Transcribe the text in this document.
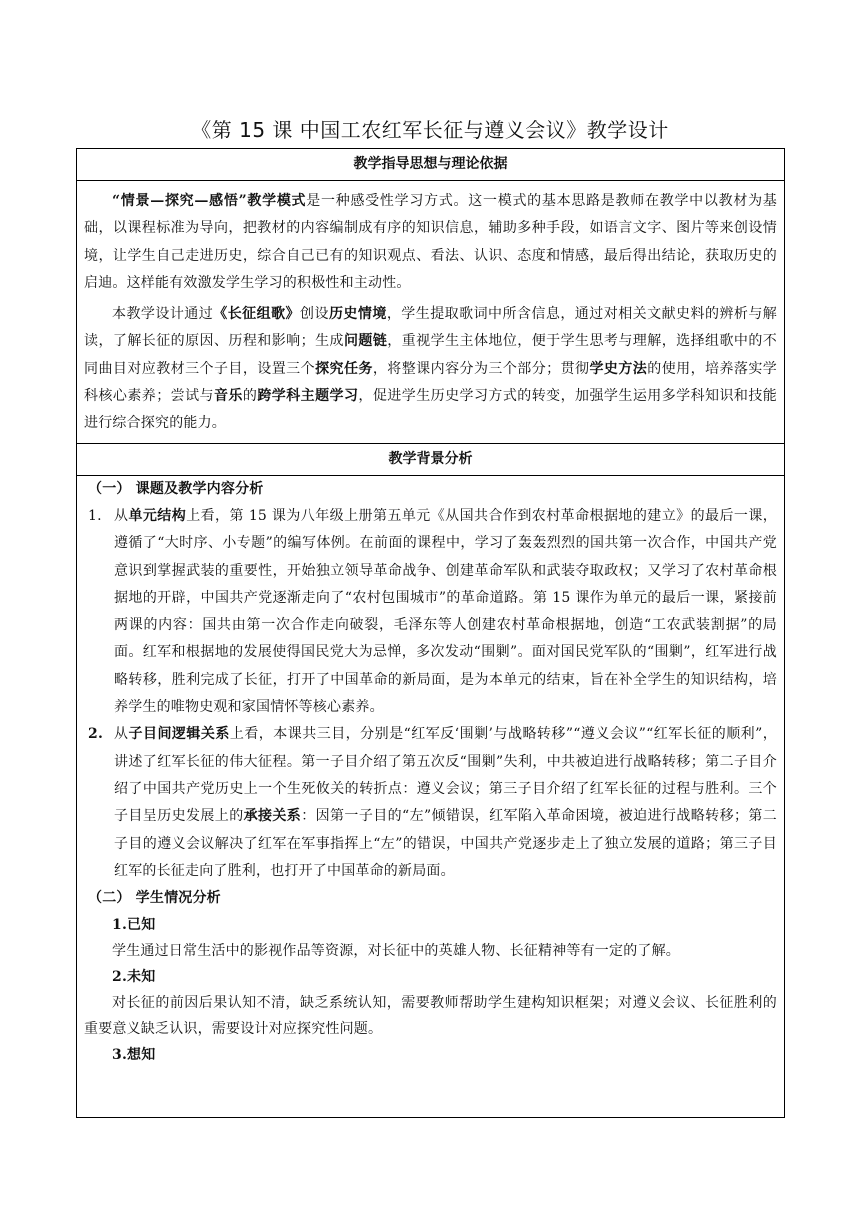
《第 15 课 中国工农红军长征与遵义会议》教学设计
教学指导思想与理论依据

“情景—探究—感悟”教学模式是一种感受性学习方式。这一模式的基本思路是教师在教学中以教材为基础，以课程标准为导向，把教材的内容编制成有序的知识信息，辅助多种手段，如语言文字、图片等来创设情境，让学生自己走进历史，综合自己已有的知识观点、看法、认识、态度和情感，最后得出结论，获取历史的启迪。这样能有效激发学生学习的积极性和主动性。

本教学设计通过《长征组歌》创设历史情境，学生提取歌词中所含信息，通过对相关文献史料的辨析与解读，了解长征的原因、历程和影响；生成问题链，重视学生主体地位，便于学生思考与理解，选择组歌中的不同曲目对应教材三个子目，设置三个探究任务，将整课内容分为三个部分；贯彻学史方法的使用，培养落实学科核心素养；尝试与音乐的跨学科主题学习，促进学生历史学习方式的转变，加强学生运用多学科知识和技能进行综合探究的能力。

教学背景分析

（一） 课题及教学内容分析

1. 从单元结构上看，第 15 课为八年级上册第五单元《从国共合作到农村革命根据地的建立》的最后一课，遵循了“大时序、小专题”的编写体例。在前面的课程中，学习了轰轰烈烈的国共第一次合作，中国共产党意识到掌握武装的重要性，开始独立领导革命战争、创建革命军队和武装夺取政权；又学习了农村革命根据地的开辟，中国共产党逐渐走向了“农村包围城市”的革命道路。第 15 课作为单元的最后一课，紧接前两课的内容：国共由第一次合作走向破裂，毛泽东等人创建农村革命根据地，创造“工农武装割据”的局面。红军和根据地的发展使得国民党大为忌惮，多次发动“围剿”。面对国民党军队的“围剿”，红军进行战略转移，胜利完成了长征，打开了中国革命的新局面，是为本单元的结束，旨在补全学生的知识结构，培养学生的唯物史观和家国情怀等核心素养。
2. 从子目间逻辑关系上看，本课共三目，分别是“红军反‘围剿’与战略转移”“遵义会议”“红军长征的顺利”，讲述了红军长征的伟大征程。第一子目介绍了第五次反“围剿”失利，中共被迫进行战略转移；第二子目介绍了中国共产党历史上一个生死攸关的转折点：遵义会议；第三子目介绍了红军长征的过程与胜利。三个子目呈历史发展上的承接关系：因第一子目的“左”倾错误，红军陷入革命困境，被迫进行战略转移；第二子目的遵义会议解决了红军在军事指挥上“左”的错误，中国共产党逐步走上了独立发展的道路；第三子目红军的长征走向了胜利，也打开了中国革命的新局面。

（二） 学生情况分析

1.已知

学生通过日常生活中的影视作品等资源，对长征中的英雄人物、长征精神等有一定的了解。

2.未知

对长征的前因后果认知不清，缺乏系统认知，需要教师帮助学生建构知识框架；对遵义会议、长征胜利的重要意义缺乏认识，需要设计对应探究性问题。

3.想知
